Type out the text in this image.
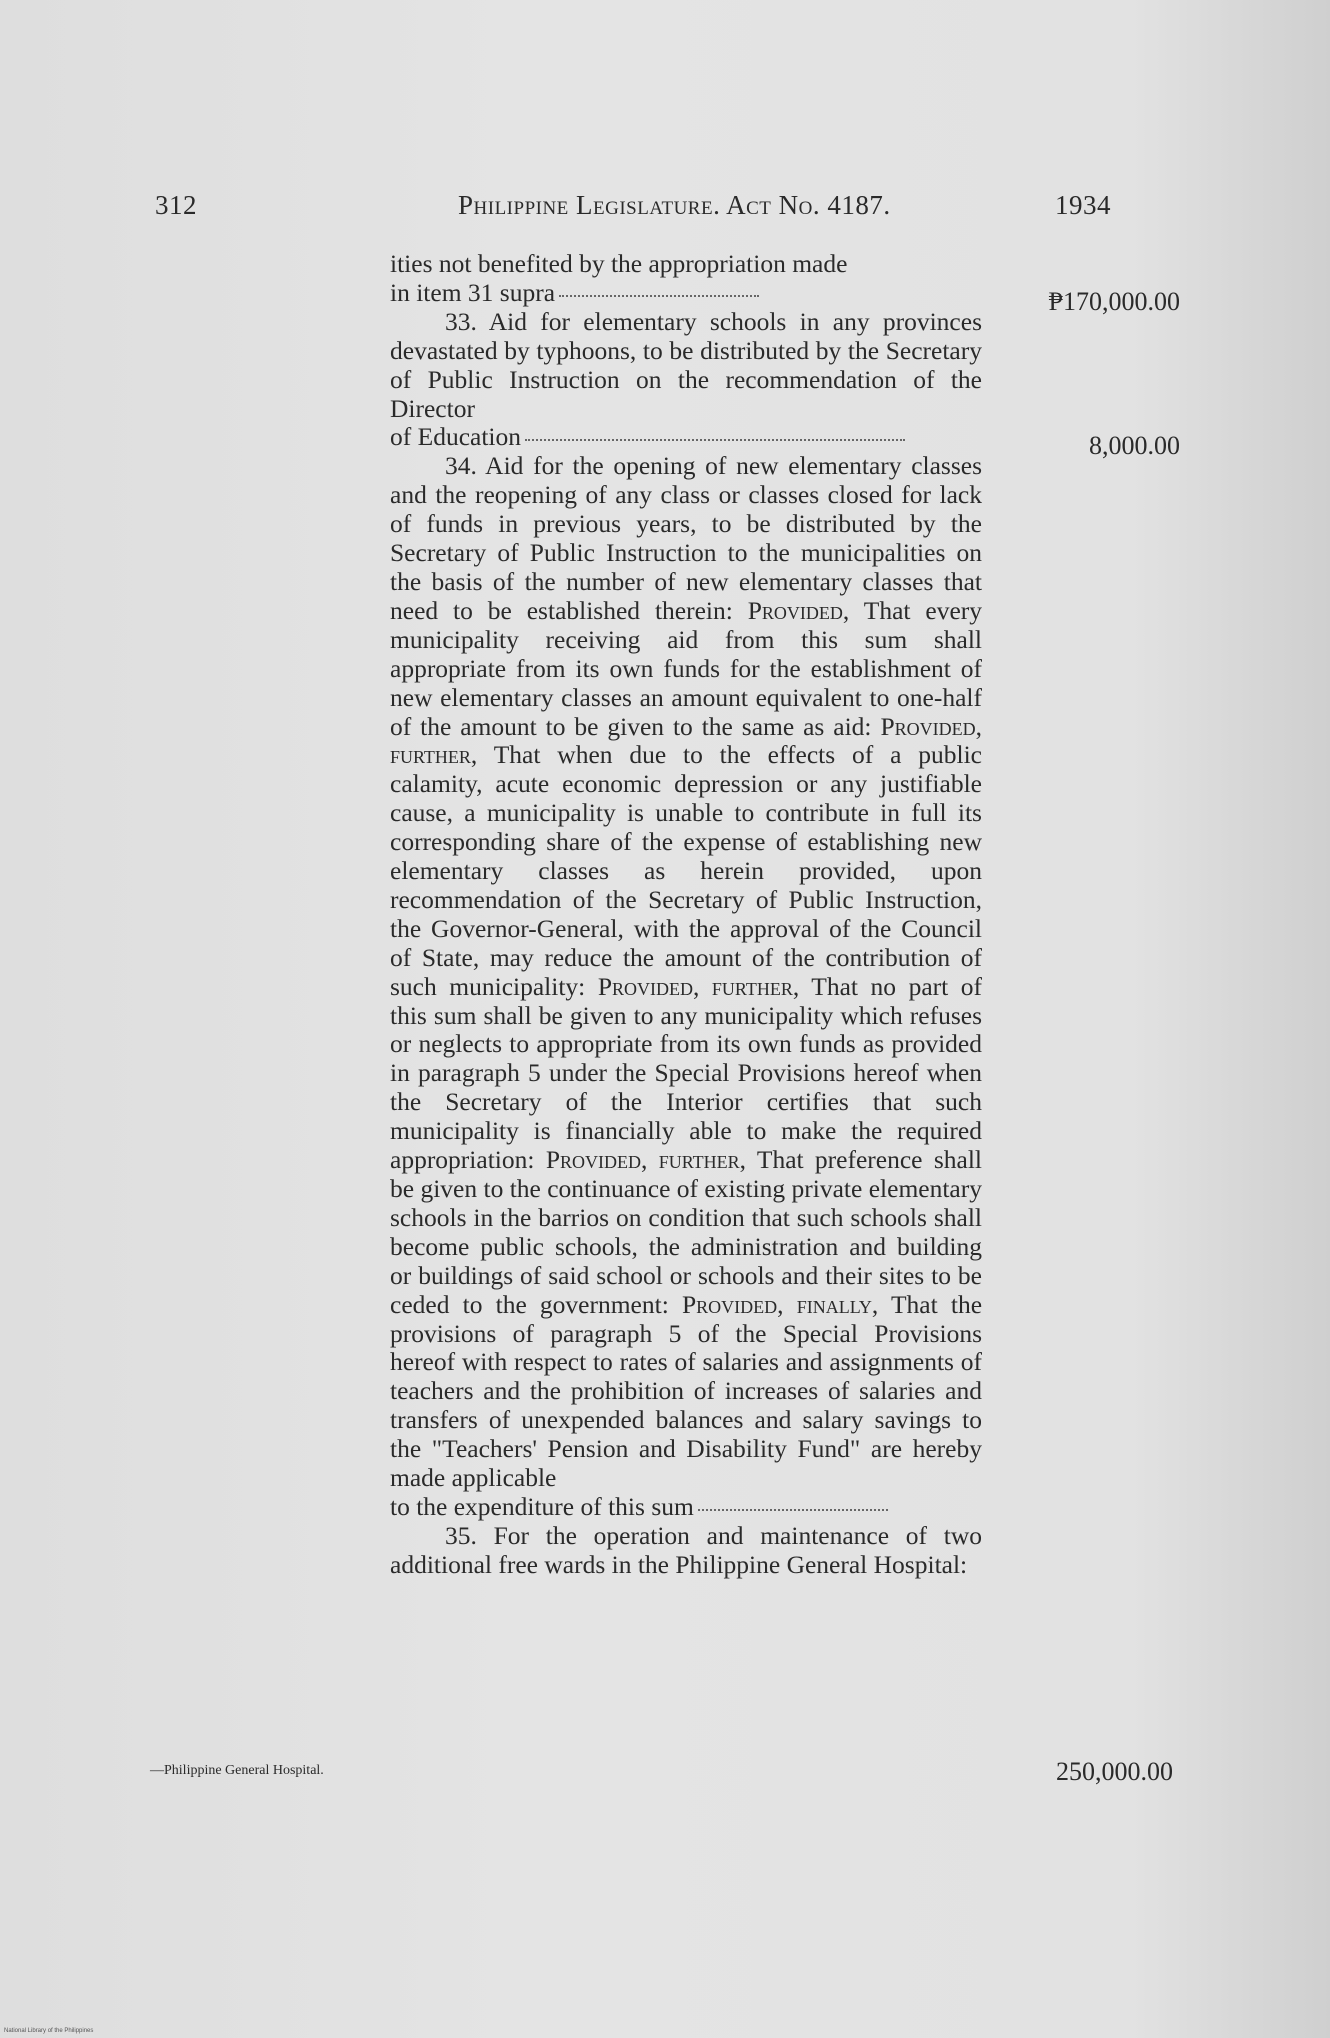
312	Philippine Legislature. Act No. 4187.	1934

ities not benefited by the appropriation made
in item 31 supra

33. Aid for elementary schools in any provinces devastated by typhoons, to be distributed by the Secretary of Public Instruction on the recommendation of the Director
of Education

34. Aid for the opening of new elementary classes and the reopening of any class or classes closed for lack of funds in previous years, to be distributed by the Secretary of Public Instruction to the municipalities on the basis of the number of new elementary classes that need to be established therein: Provided, That every municipality receiving aid from this sum shall appropriate from its own funds for the establishment of new elementary classes an amount equivalent to one-half of the amount to be given to the same as aid: Provided, further, That when due to the effects of a public calamity, acute economic depression or any justifiable cause, a municipality is unable to contribute in full its corresponding share of the expense of establishing new elementary classes as herein provided, upon recommendation of the Secretary of Public Instruction, the Governor-General, with the approval of the Council of State, may reduce the amount of the contribution of such municipality: Provided, further, That no part of this sum shall be given to any municipality which refuses or neglects to appropriate from its own funds as provided in paragraph 5 under the Special Provisions hereof when the Secretary of the Interior certifies that such municipality is financially able to make the required appropriation: Provided, further, That preference shall be given to the continuance of existing private elementary schools in the barrios on condition that such schools shall become public schools, the administration and building or buildings of said school or schools and their sites to be ceded to the government: Provided, finally, That the provisions of paragraph 5 of the Special Provisions hereof with respect to rates of salaries and assignments of teachers and the prohibition of increases of salaries and transfers of unexpended balances and salary savings to the "Teachers' Pension and Disability Fund" are hereby made applicable
to the expenditure of this sum

35. For the operation and maintenance of two additional free wards in the Philippine General Hospital:

₱170,000.00
8,000.00
250,000.00
—Philippine General Hospital.
National Library of the Philippines
